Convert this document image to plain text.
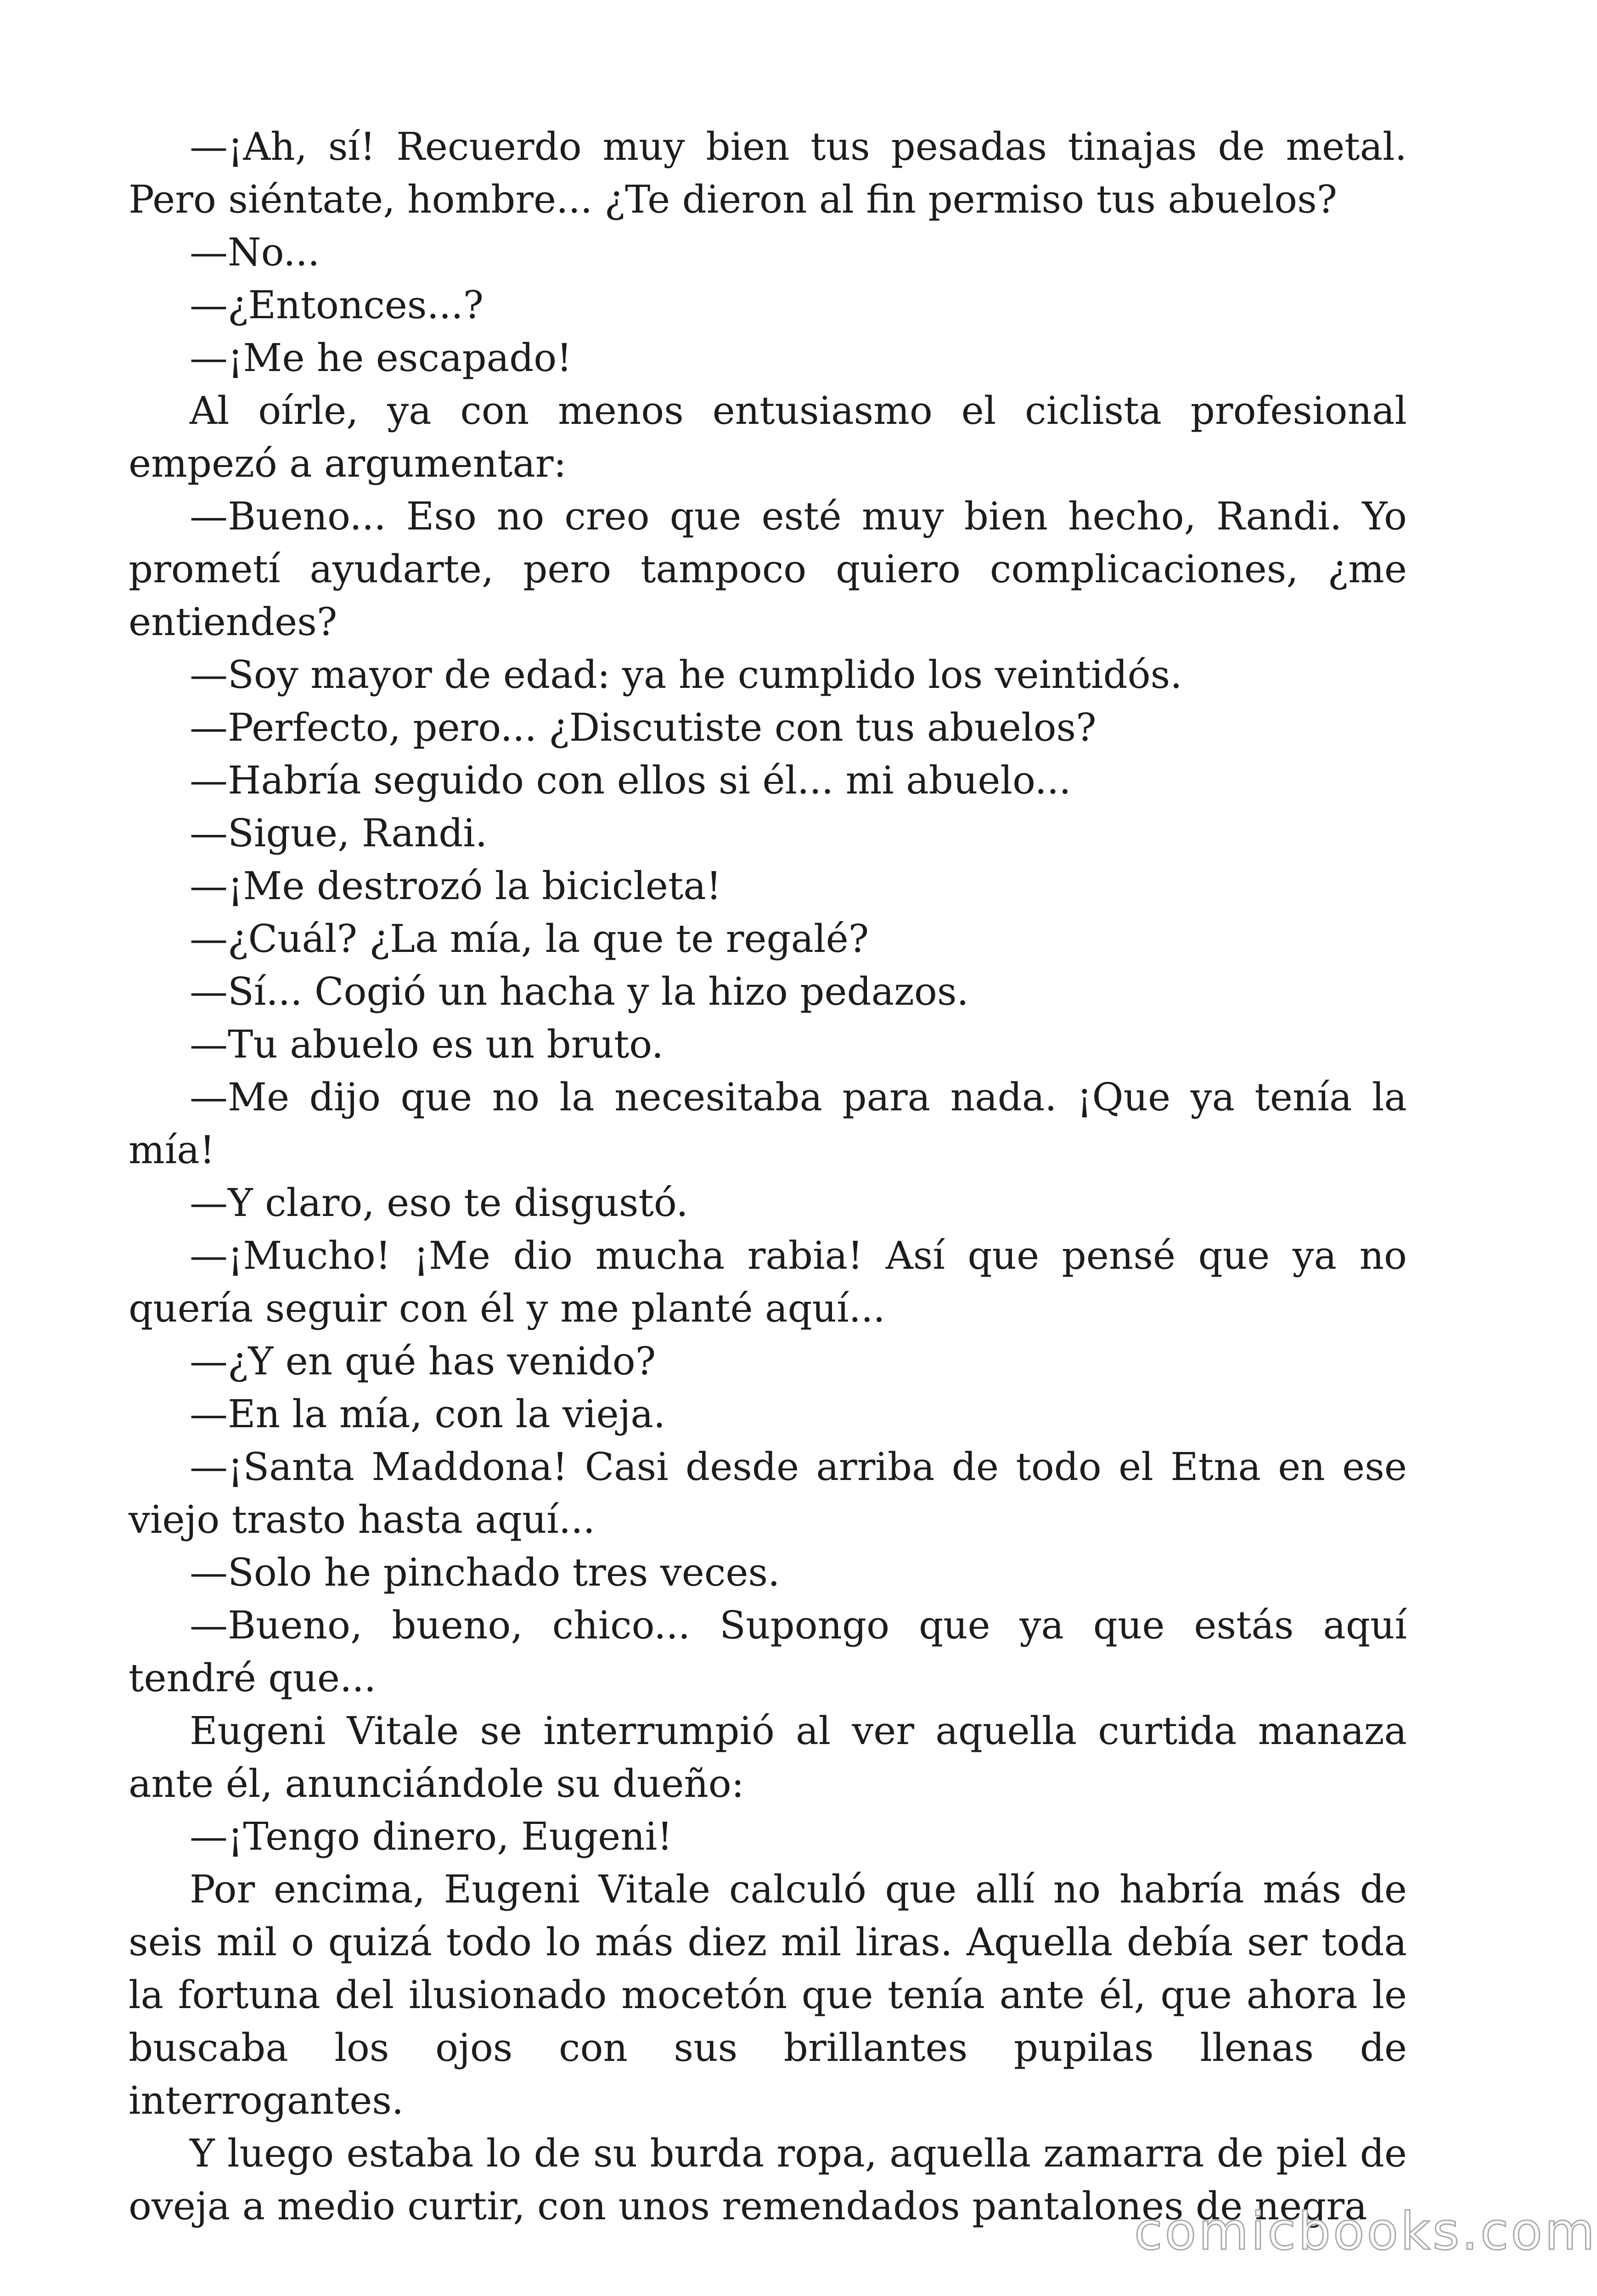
—¡Ah, sí! Recuerdo muy bien tus pesadas tinajas de metal. Pero siéntate, hombre... ¿Te dieron al fin permiso tus abuelos?

—No...

—¿Entonces...?

—¡Me he escapado!

Al oírle, ya con menos entusiasmo el ciclista profesional empezó a argumentar:

—Bueno... Eso no creo que esté muy bien hecho, Randi. Yo prometí ayudarte, pero tampoco quiero complicaciones, ¿me entiendes?

—Soy mayor de edad: ya he cumplido los veintidós.

—Perfecto, pero... ¿Discutiste con tus abuelos?

—Habría seguido con ellos si él... mi abuelo...

—Sigue, Randi.

—¡Me destrozó la bicicleta!

—¿Cuál? ¿La mía, la que te regalé?

—Sí... Cogió un hacha y la hizo pedazos.

—Tu abuelo es un bruto.

—Me dijo que no la necesitaba para nada. ¡Que ya tenía la mía!

—Y claro, eso te disgustó.

—¡Mucho! ¡Me dio mucha rabia! Así que pensé que ya no quería seguir con él y me planté aquí...

—¿Y en qué has venido?

—En la mía, con la vieja.

—¡Santa Maddona! Casi desde arriba de todo el Etna en ese viejo trasto hasta aquí...

—Solo he pinchado tres veces.

—Bueno, bueno, chico... Supongo que ya que estás aquí tendré que...

Eugeni Vitale se interrumpió al ver aquella curtida manaza ante él, anunciándole su dueño:

—¡Tengo dinero, Eugeni!

Por encima, Eugeni Vitale calculó que allí no habría más de seis mil o quizá todo lo más diez mil liras. Aquella debía ser toda la fortuna del ilusionado mocetón que tenía ante él, que ahora le buscaba los ojos con sus brillantes pupilas llenas de interrogantes.

Y luego estaba lo de su burda ropa, aquella zamarra de piel de oveja a medio curtir, con unos remendados pantalones de negra

comicbooks.com
